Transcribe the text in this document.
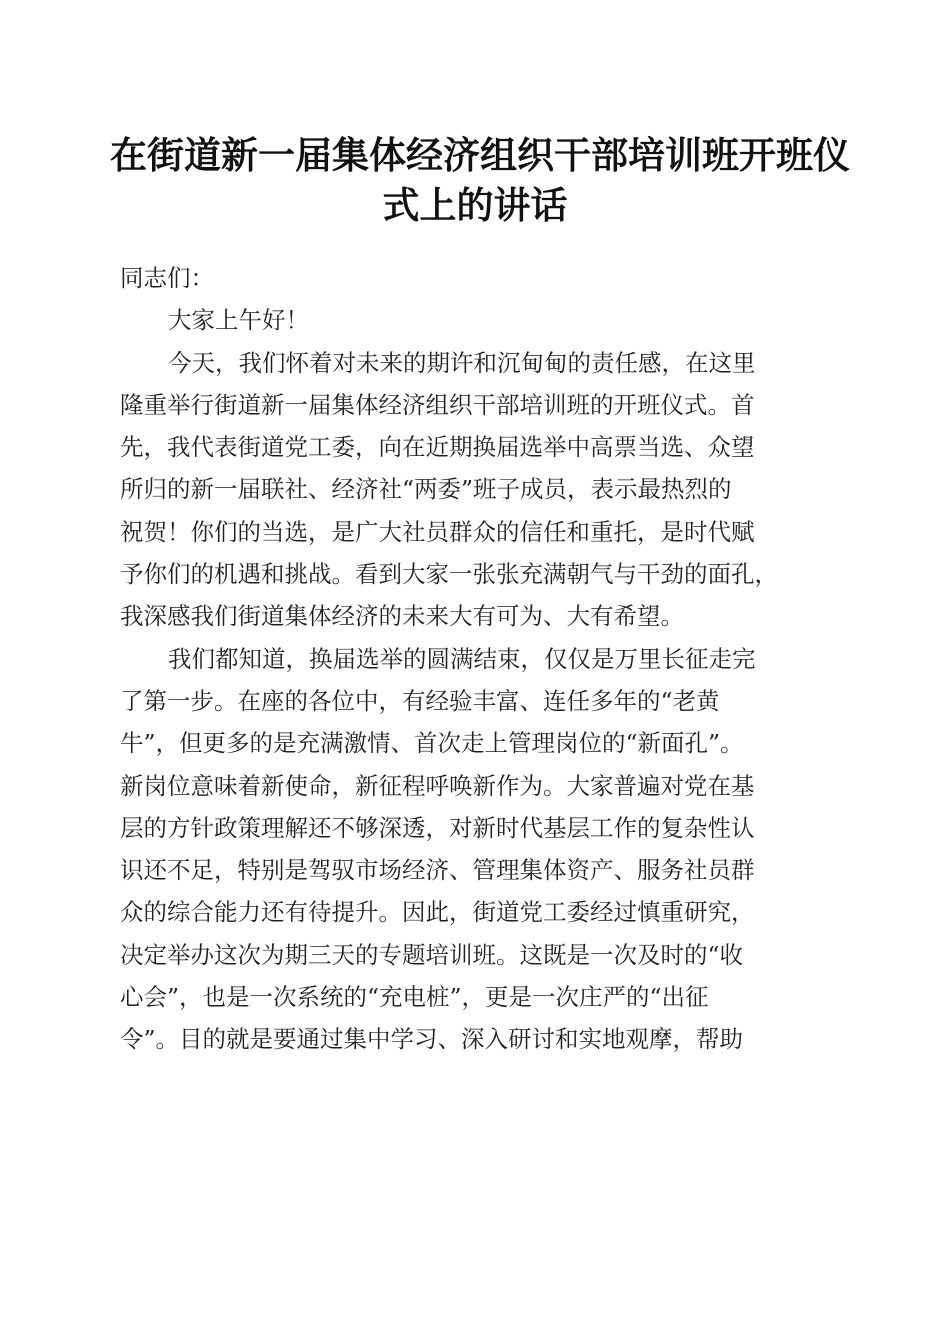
在街道新一届集体经济组织干部培训班开班仪
式上的讲话

同志们：

大家上午好！

今天，我们怀着对未来的期许和沉甸甸的责任感，在这里
隆重举行街道新一届集体经济组织干部培训班的开班仪式。首
先，我代表街道党工委，向在近期换届选举中高票当选、众望
所归的新一届联社、经济社“两委”班子成员，表示最热烈的
祝贺！你们的当选，是广大社员群众的信任和重托，是时代赋
予你们的机遇和挑战。看到大家一张张充满朝气与干劲的面孔，
我深感我们街道集体经济的未来大有可为、大有希望。

我们都知道，换届选举的圆满结束，仅仅是万里长征走完
了第一步。在座的各位中，有经验丰富、连任多年的“老黄
牛”，但更多的是充满激情、首次走上管理岗位的“新面孔”。
新岗位意味着新使命，新征程呼唤新作为。大家普遍对党在基
层的方针政策理解还不够深透，对新时代基层工作的复杂性认
识还不足，特别是驾驭市场经济、管理集体资产、服务社员群
众的综合能力还有待提升。因此，街道党工委经过慎重研究，
决定举办这次为期三天的专题培训班。这既是一次及时的“收
心会”，也是一次系统的“充电桩”，更是一次庄严的“出征
令”。目的就是要通过集中学习、深入研讨和实地观摩，帮助
